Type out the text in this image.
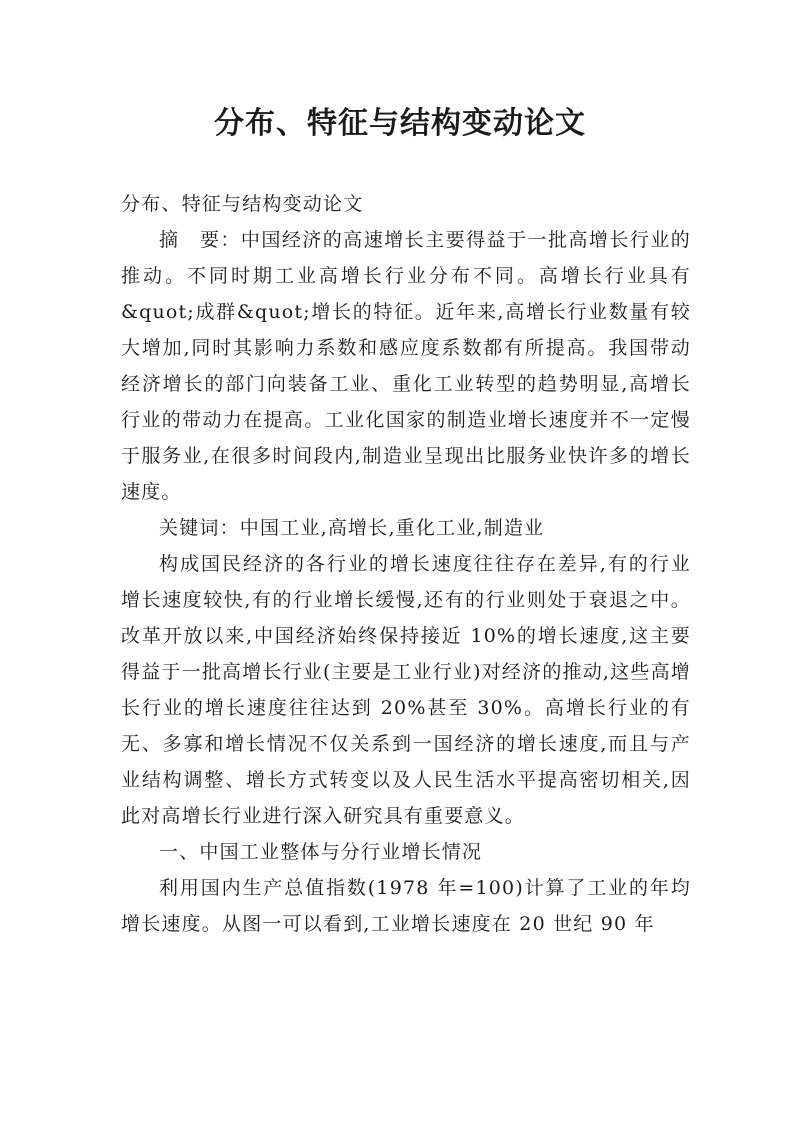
分布、特征与结构变动论文

分布、特征与结构变动论文

摘　要：中国经济的高速增长主要得益于一批高增长行业的推动。不同时期工业高增长行业分布不同。高增长行业具有&quot;成群&quot;增长的特征。近年来,高增长行业数量有较大增加,同时其影响力系数和感应度系数都有所提高。我国带动经济增长的部门向装备工业、重化工业转型的趋势明显,高增长行业的带动力在提高。工业化国家的制造业增长速度并不一定慢于服务业,在很多时间段内,制造业呈现出比服务业快许多的增长速度。

关键词：中国工业,高增长,重化工业,制造业

构成国民经济的各行业的增长速度往往存在差异,有的行业增长速度较快,有的行业增长缓慢,还有的行业则处于衰退之中。改革开放以来,中国经济始终保持接近 10%的增长速度,这主要得益于一批高增长行业(主要是工业行业)对经济的推动,这些高增长行业的增长速度往往达到 20%甚至 30%。高增长行业的有无、多寡和增长情况不仅关系到一国经济的增长速度,而且与产业结构调整、增长方式转变以及人民生活水平提高密切相关,因此对高增长行业进行深入研究具有重要意义。

一、中国工业整体与分行业增长情况

利用国内生产总值指数(1978 年=100)计算了工业的年均增长速度。从图一可以看到,工业增长速度在 20 世纪 90 年
